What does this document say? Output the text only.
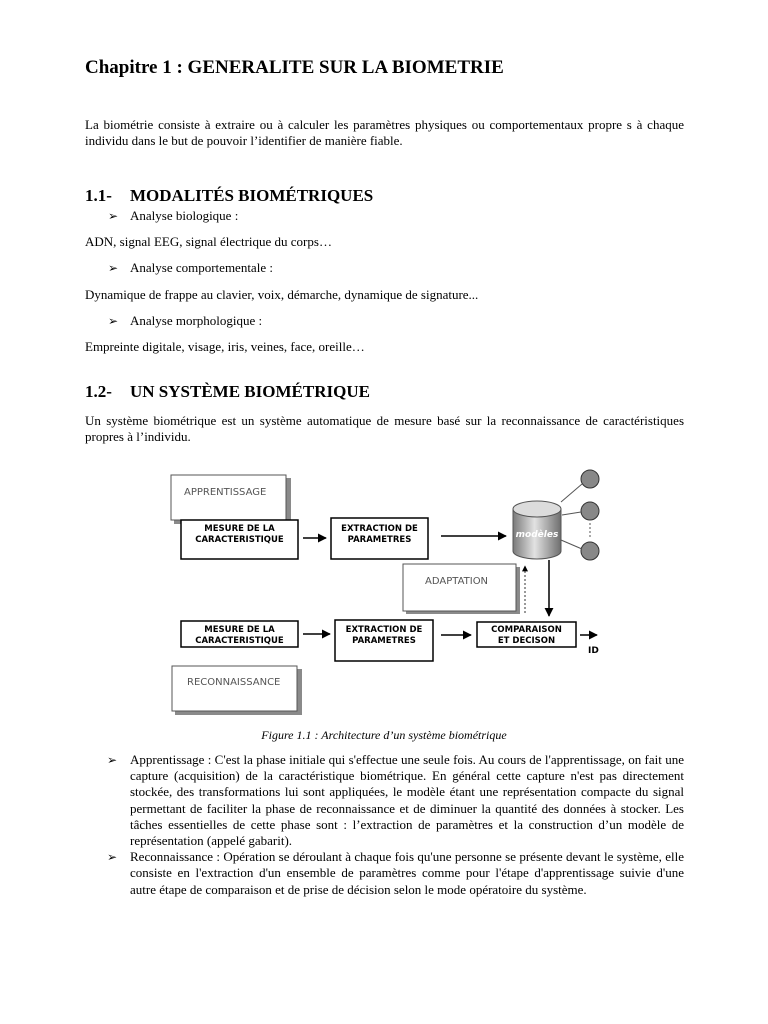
Chapitre 1 : GENERALITE SUR LA BIOMETRIE
La biométrie consiste à extraire ou à calculer les paramètres physiques ou comportementaux propre s à chaque individu dans le but de pouvoir l’identifier de manière fiable.
1.1- MODALITÉS BIOMÉTRIQUES
➢ Analyse biologique :
ADN, signal EEG, signal électrique du corps…
➢ Analyse comportementale :
Dynamique de frappe au clavier, voix, démarche, dynamique de signature...
➢ Analyse morphologique :
Empreinte digitale, visage, iris, veines, face, oreille…
1.2- UN SYSTÈME BIOMÉTRIQUE
Un système biométrique est un système automatique de mesure basé sur la reconnaissance de caractéristiques propres à l’individu.
APPRENTISSAGE
MESURE DE LA
CARACTERISTIQUE
EXTRACTION DE
PARAMETRES	modèles
ADAPTATION
MESURE DE LA
CARACTERISTIQUE
EXTRACTION DE
PARAMETRES
COMPARAISON
ET DECISON
ID
RECONNAISSANCE
Figure 1.1 : Architecture d’un système biométrique
➢ Apprentissage : C'est la phase initiale qui s'effectue une seule fois. Au cours de l'apprentissage, on fait une capture (acquisition) de la caractéristique biométrique. En général cette capture n'est pas directement stockée, des transformations lui sont appliquées, le modèle étant une représentation compacte du signal permettant de faciliter la phase de reconnaissance et de diminuer la quantité des données à stocker. Les tâches essentielles de cette phase sont : l’extraction de paramètres et la construction d’un modèle de représentation (appelé gabarit).
➢ Reconnaissance : Opération se déroulant à chaque fois qu'une personne se présente devant le système, elle consiste en l'extraction d'un ensemble de paramètres comme pour l'étape d'apprentissage suivie d'une autre étape de comparaison et de prise de décision selon le mode opératoire du système.
